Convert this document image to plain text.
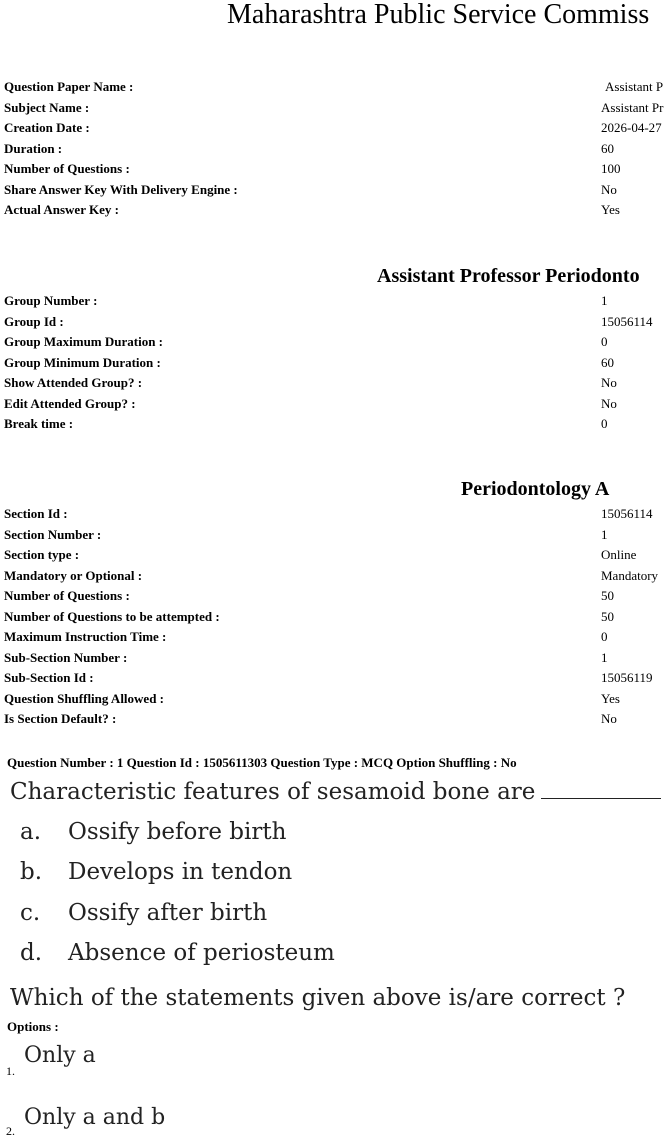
Maharashtra Public Service Commiss
Question Paper Name :	Assistant P
Subject Name :	Assistant Pr
Creation Date :	2026-04-27
Duration :	60
Number of Questions :	100
Share Answer Key With Delivery Engine :	No
Actual Answer Key :	Yes
Assistant Professor Periodonto
Group Number :	1
Group Id :	15056114
Group Maximum Duration :	0
Group Minimum Duration :	60
Show Attended Group? :	No
Edit Attended Group? :	No
Break time :	0
Periodontology A
Section Id :	15056114
Section Number :	1
Section type :	Online
Mandatory or Optional :	Mandatory
Number of Questions :	50
Number of Questions to be attempted :	50
Maximum Instruction Time :	0
Sub-Section Number :	1
Sub-Section Id :	15056119
Question Shuffling Allowed :	Yes
Is Section Default? :	No
Question Number : 1 Question Id : 1505611303 Question Type : MCQ Option Shuffling : No
Characteristic features of sesamoid bone are
a. Ossify before birth
b. Develops in tendon
c. Ossify after birth
d. Absence of periosteum
Which of the statements given above is/are correct ?
Options :
1.
Only a
2.
Only a and b
